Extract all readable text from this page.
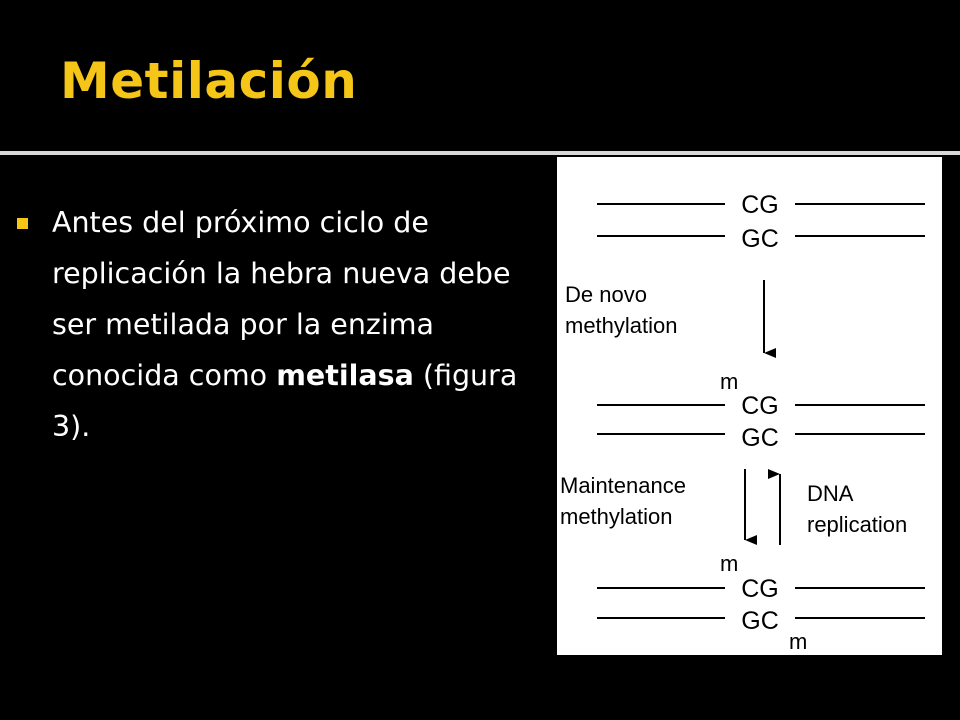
Metilación
Antes del próximo ciclo de replicación la hebra nueva debe ser metilada por la enzima conocida como metilasa (figura 3).
CG
GC
De novo
methylation
m
CG
GC
Maintenance
methylation
DNA
replication
m
CG
GC
m
